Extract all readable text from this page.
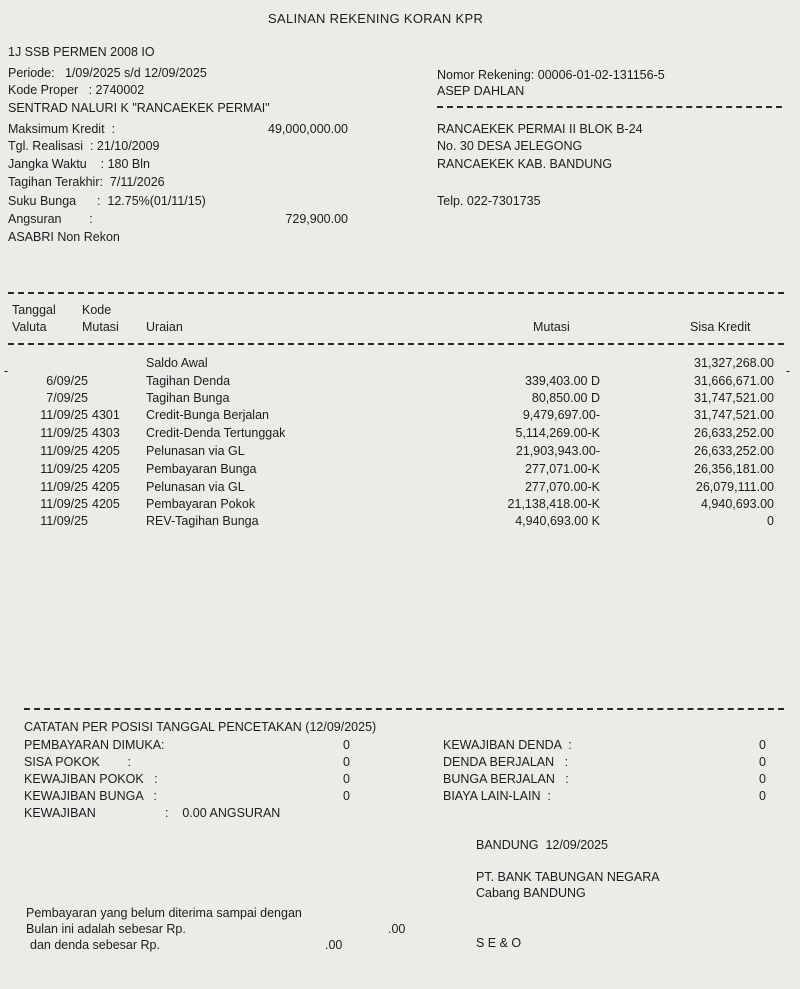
SALINAN REKENING KORAN KPR
1J SSB PERMEN 2008 IO
Periode:   1/09/2025 s/d 12/09/2025
Kode Proper   : 2740002
SENTRAD NALURI K "RANCAEKEK PERMAI"
Maksimum Kredit  :	49,000,000.00
Tgl. Realisasi  : 21/10/2009
Jangka Waktu    : 180 Bln
Tagihan Terakhir:  7/11/2026
Suku Bunga      :  12.75%(01/11/15)
Angsuran        :	729,900.00
ASABRI Non Rekon
Nomor Rekening: 00006-01-02-131156-5
ASEP DAHLAN
RANCAEKEK PERMAI II BLOK B-24
No. 30 DESA JELEGONG
RANCAEKEK KAB. BANDUNG
Telp. 022-7301735
Tanggal Kode
Valuta	Mutasi Uraian	Mutasi	Sisa Kredit
-	-
Saldo Awal	31,327,268.00
6/09/25	Tagihan Denda	339,403.00 D	31,666,671.00
7/09/25	Tagihan Bunga	80,850.00 D	31,747,521.00
11/09/25 4301 Credit-Bunga Berjalan	9,479,697.00-	31,747,521.00
11/09/25 4303 Credit-Denda Tertunggak	5,114,269.00-K	26,633,252.00
11/09/25 4205 Pelunasan via GL	21,903,943.00-	26,633,252.00
11/09/25 4205 Pembayaran Bunga	277,071.00-K	26,356,181.00
11/09/25 4205 Pelunasan via GL	277,070.00-K	26,079,111.00
11/09/25 4205 Pembayaran Pokok	21,138,418.00-K	4,940,693.00
11/09/25	REV-Tagihan Bunga	4,940,693.00 K	0
CATATAN PER POSISI TANGGAL PENCETAKAN (12/09/2025)
PEMBAYARAN DIMUKA:	0
SISA POKOK        :	0
KEWAJIBAN POKOK   :	0
KEWAJIBAN BUNGA   :	0
KEWAJIBAN DENDA  :	0
DENDA BERJALAN   :	0
BUNGA BERJALAN   :	0
BIAYA LAIN-LAIN  :	0
KEWAJIBAN	:    0.00 ANGSURAN
BANDUNG  12/09/2025
PT. BANK TABUNGAN NEGARA
Cabang BANDUNG
Pembayaran yang belum diterima sampai dengan
Bulan ini adalah sebesar Rp.	.00
dan denda sebesar Rp.	.00	S E & O
